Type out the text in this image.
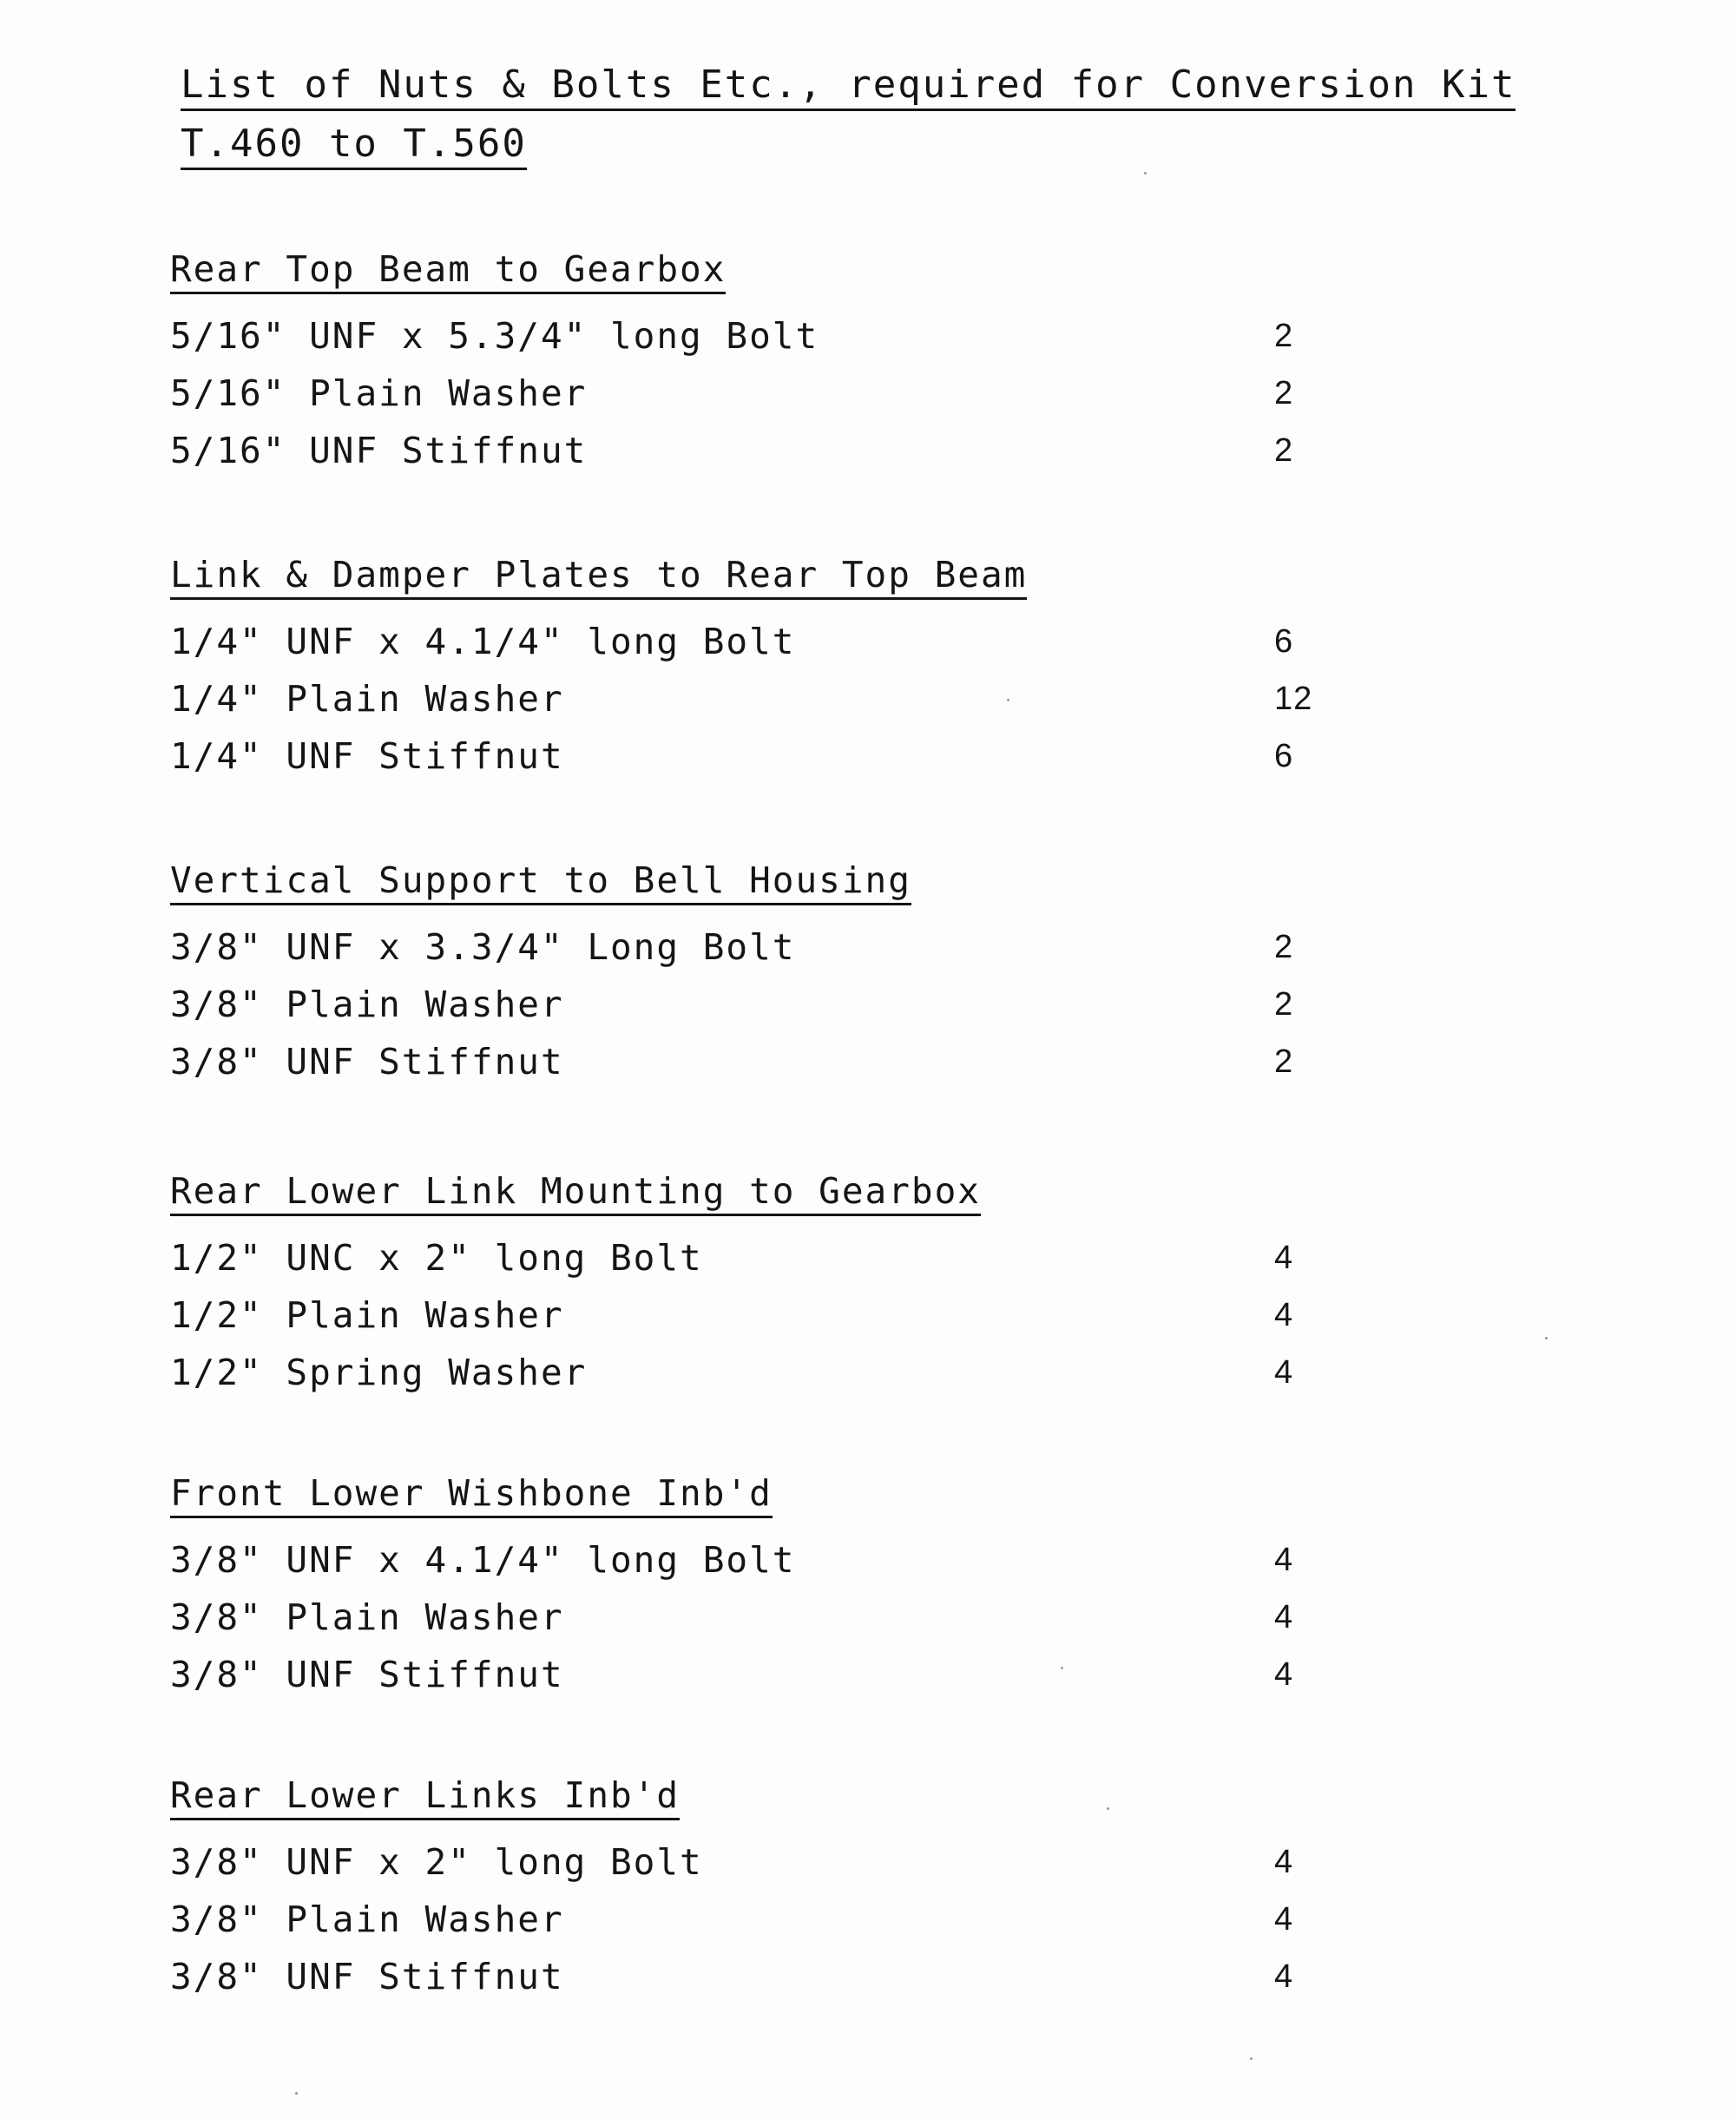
List of Nuts & Bolts Etc., required for Conversion Kit
T.460 to T.560
Rear Top Beam to Gearbox
5/16" UNF x 5.3/4" long Bolt	2
5/16" Plain Washer	2
5/16" UNF Stiffnut	2
Link & Damper Plates to Rear Top Beam
1/4" UNF x 4.1/4" long Bolt	6
1/4" Plain Washer	12
1/4" UNF Stiffnut	6
Vertical Support to Bell Housing
3/8" UNF x 3.3/4" Long Bolt	2
3/8" Plain Washer	2
3/8" UNF Stiffnut	2
Rear Lower Link Mounting to Gearbox
1/2" UNC x 2" long Bolt	4
1/2" Plain Washer	4
1/2" Spring Washer	4
Front Lower Wishbone Inb'd
3/8" UNF x 4.1/4" long Bolt	4
3/8" Plain Washer	4
3/8" UNF Stiffnut	4
Rear Lower Links Inb'd
3/8" UNF x 2" long Bolt	4
3/8" Plain Washer	4
3/8" UNF Stiffnut	4
